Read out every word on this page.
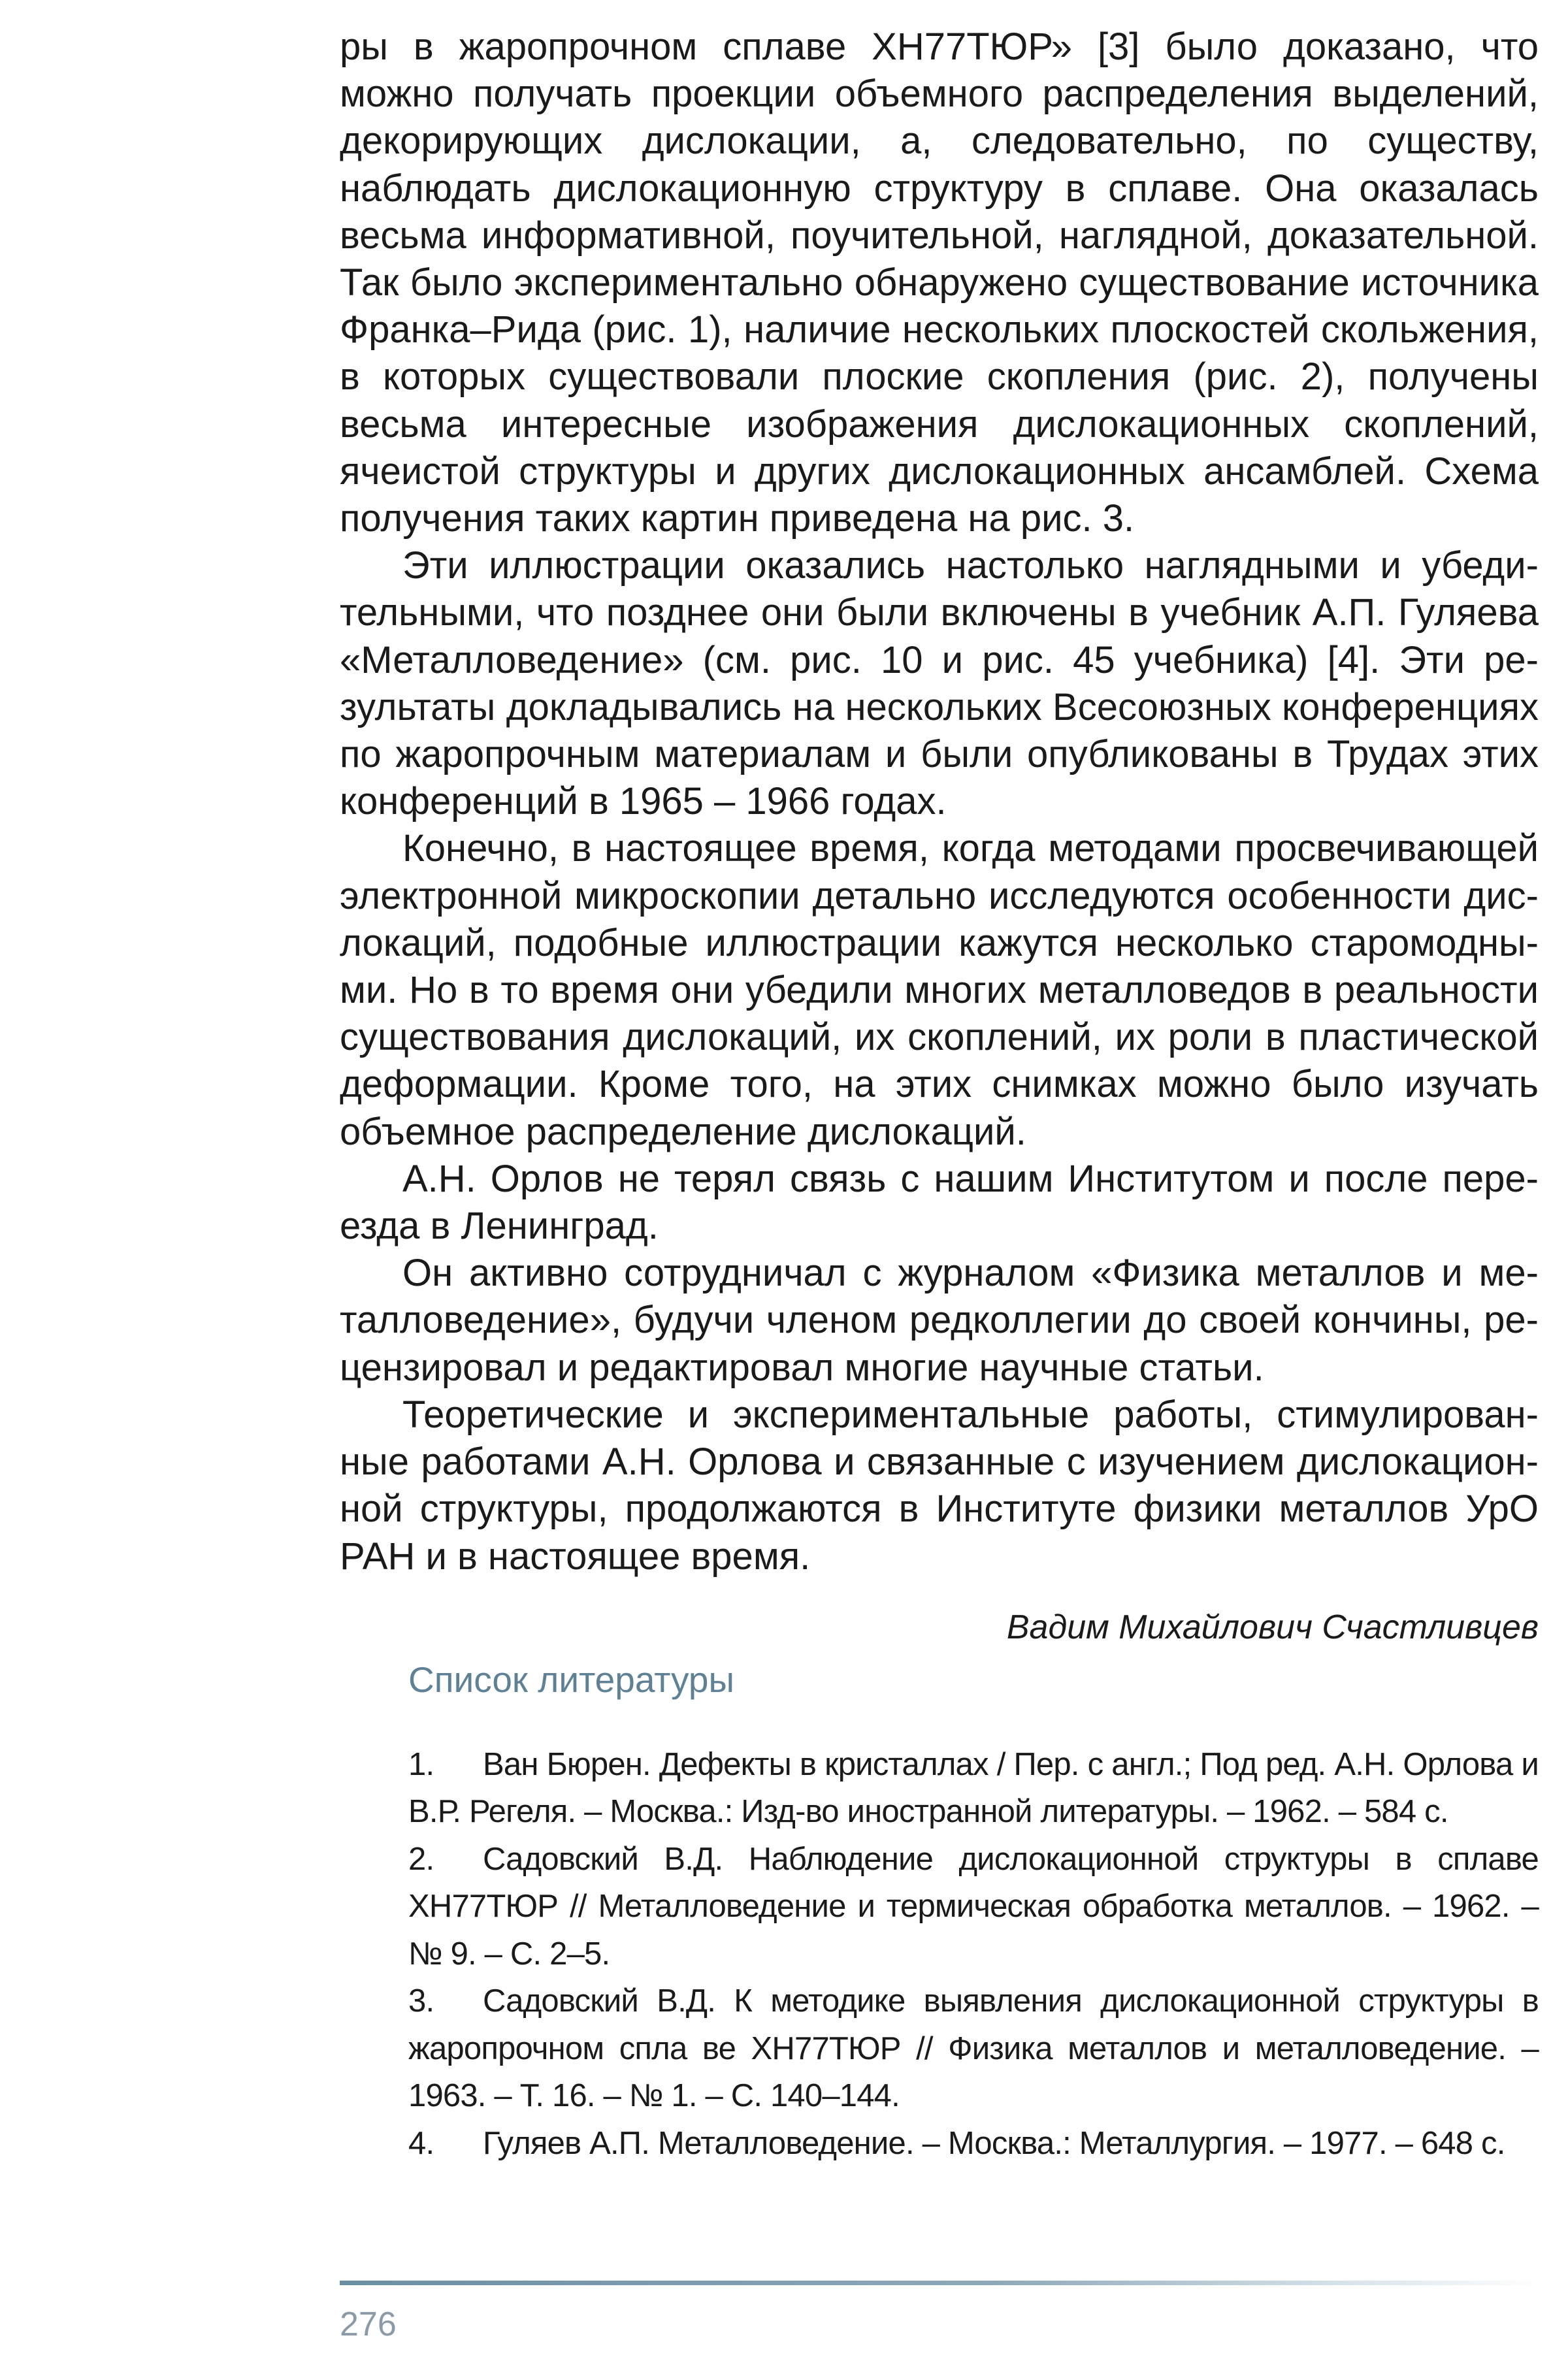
ры в жаропрочном сплаве ХН77ТЮР» [3] было доказано, что можно получать проекции объемного распределения выделений, декорирующих дислокации, а, следовательно, по существу, наблюдать дислокационную структуру в сплаве. Она оказалась весьма информативной, поучительной, наглядной, доказательной. Так было экспериментально обнаружено существование источника Франка–Рида (рис. 1), наличие нескольких плоскостей скольжения, в которых существовали плоские скопления (рис. 2), получены весьма интересные изображения дислокационных скоплений, ячеистой структуры и других дислокационных ансамблей. Схема получения таких картин приведена на рис. 3.

Эти иллюстрации оказались настолько наглядными и убедительными, что позднее они были включены в учебник А.П. Гуляева «Металловедение» (см. рис. 10 и рис. 45 учебника) [4]. Эти результаты докладывались на нескольких Всесоюзных конференциях по жаропрочным материалам и были опубликованы в Трудах этих конференций в 1965 – 1966 годах.

Конечно, в настоящее время, когда методами просвечивающей электронной микроскопии детально исследуются особенности дислокаций, подобные иллюстрации кажутся несколько старомодными. Но в то время они убедили многих металловедов в реальности существования дислокаций, их скоплений, их роли в пластической деформации. Кроме того, на этих снимках можно было изучать объемное распределение дислокаций.

А.Н. Орлов не терял связь с нашим Институтом и после переезда в Ленинград.

Он активно сотрудничал с журналом «Физика металлов и металловедение», будучи членом редколлегии до своей кончины, рецензировал и редактировал многие научные статьи.

Теоретические и экспериментальные работы, стимулированные работами А.Н. Орлова и связанные с изучением дислокационной структуры, продолжаются в Институте физики металлов УрО РАН и в настоящее время.

Вадим Михайлович Счастливцев
Список литературы
1. Ван Бюрен. Дефекты в кристаллах / Пер. с англ.; Под ред. А.Н. Орлова и В.Р. Регеля. – Москва.: Изд-во иностранной литературы. – 1962. – 584 с.
2. Садовский В.Д. Наблюдение дислокационной структуры в сплаве ХН77ТЮР // Металловедение и термическая обработка металлов. – 1962. – № 9. – С. 2–5.
3. Садовский В.Д. К методике выявления дислокационной структуры в жаропрочном спла ве ХН77ТЮР // Физика металлов и металловедение. – 1963. – Т. 16. – № 1. – С. 140–144.
4. Гуляев А.П. Металловедение. – Москва.: Металлургия. – 1977. – 648 с.
276
